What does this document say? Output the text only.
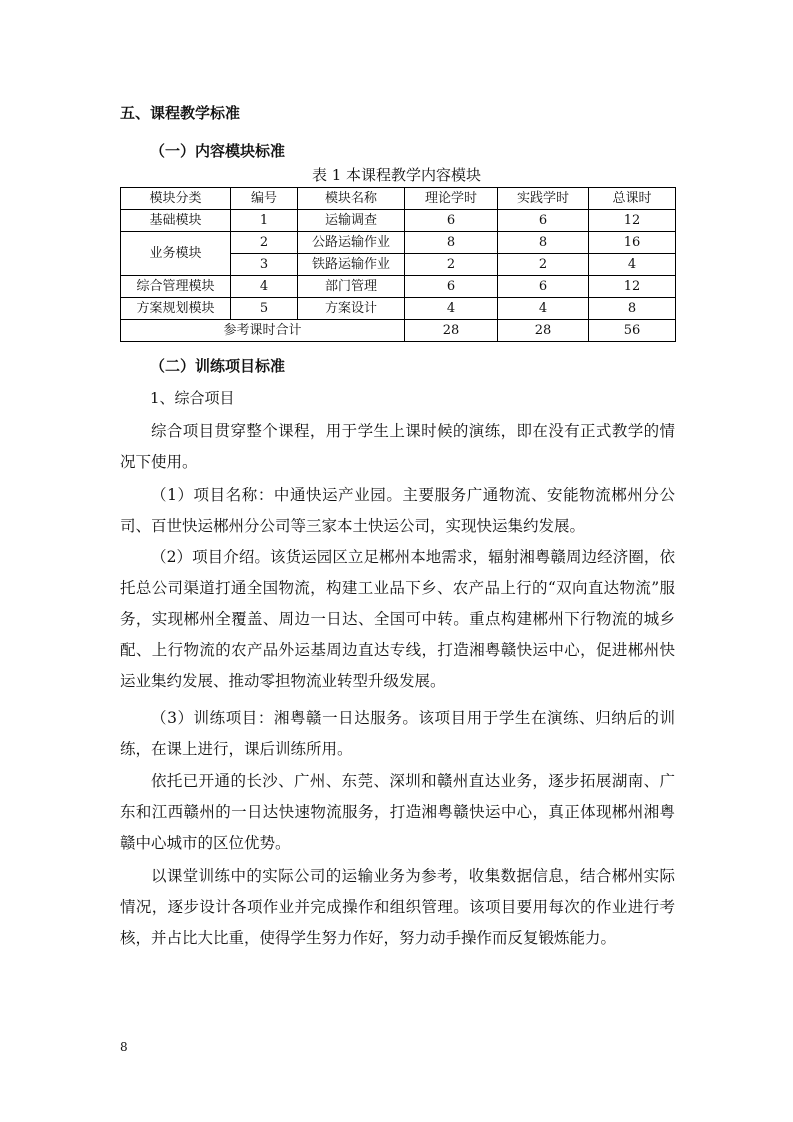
五、课程教学标准
（一）内容模块标准
表 1 本课程教学内容模块
模块分类	编号	模块名称	理论学时	实践学时	总课时
基础模块	1	运输调查	6	6	12
业务模块	2	公路运输作业	8	8	16
	3	铁路运输作业	2	2	4
综合管理模块	4	部门管理	6	6	12
方案规划模块	5	方案设计	4	4	8
参考课时合计			28	28	56
（二）训练项目标准
1、综合项目
综合项目贯穿整个课程，用于学生上课时候的演练，即在没有正式教学的情况下使用。
（1）项目名称：中通快运产业园。主要服务广通物流、安能物流郴州分公司、百世快运郴州分公司等三家本土快运公司，实现快运集约发展。
（2）项目介绍。该货运园区立足郴州本地需求，辐射湘粤赣周边经济圈，依托总公司渠道打通全国物流，构建工业品下乡、农产品上行的“双向直达物流”服务，实现郴州全覆盖、周边一日达、全国可中转。重点构建郴州下行物流的城乡配、上行物流的农产品外运基周边直达专线，打造湘粤赣快运中心，促进郴州快运业集约发展、推动零担物流业转型升级发展。
（3）训练项目：湘粤赣一日达服务。该项目用于学生在演练、归纳后的训练，在课上进行，课后训练所用。
依托已开通的长沙、广州、东莞、深圳和赣州直达业务，逐步拓展湖南、广东和江西赣州的一日达快速物流服务，打造湘粤赣快运中心，真正体现郴州湘粤赣中心城市的区位优势。
以课堂训练中的实际公司的运输业务为参考，收集数据信息，结合郴州实际情况，逐步设计各项作业并完成操作和组织管理。该项目要用每次的作业进行考核，并占比大比重，使得学生努力作好，努力动手操作而反复锻炼能力。
8
